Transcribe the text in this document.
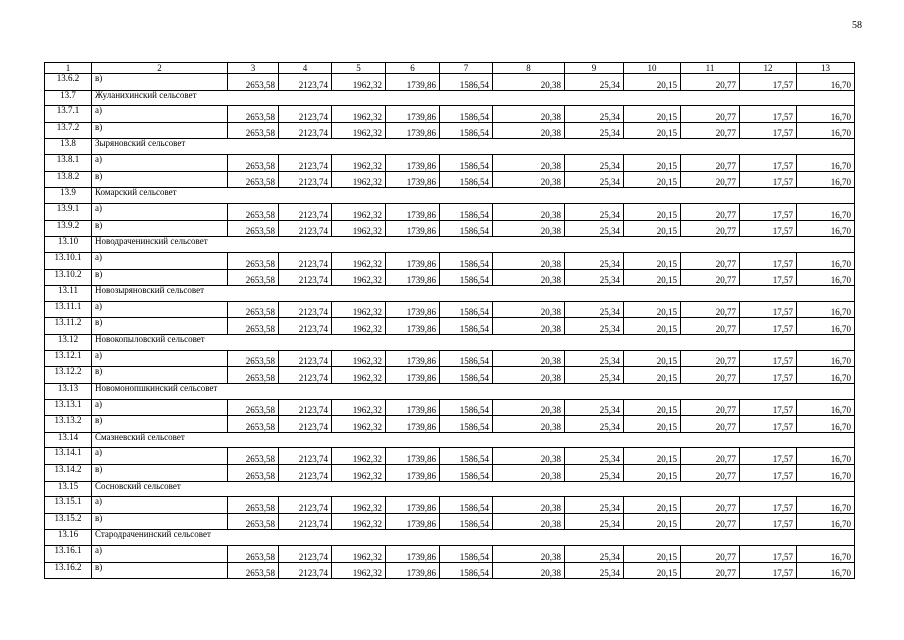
58
1	2	3	4	5	6	7	8	9	10	11	12	13
13.6.2	в)	2653,58	2123,74	1962,32	1739,86	1586,54	20,38	25,34	20,15	20,77	17,57	16,70
13.7	Жуланихинский сельсовет											
13.7.1	а)	2653,58	2123,74	1962,32	1739,86	1586,54	20,38	25,34	20,15	20,77	17,57	16,70
13.7.2	в)	2653,58	2123,74	1962,32	1739,86	1586,54	20,38	25,34	20,15	20,77	17,57	16,70
13.8	Зыряновский сельсовет											
13.8.1	а)	2653,58	2123,74	1962,32	1739,86	1586,54	20,38	25,34	20,15	20,77	17,57	16,70
13.8.2	в)	2653,58	2123,74	1962,32	1739,86	1586,54	20,38	25,34	20,15	20,77	17,57	16,70
13.9	Комарский сельсовет											
13.9.1	а)	2653,58	2123,74	1962,32	1739,86	1586,54	20,38	25,34	20,15	20,77	17,57	16,70
13.9.2	в)	2653,58	2123,74	1962,32	1739,86	1586,54	20,38	25,34	20,15	20,77	17,57	16,70
13.10	Новодраченинский сельсовет											
13.10.1	а)	2653,58	2123,74	1962,32	1739,86	1586,54	20,38	25,34	20,15	20,77	17,57	16,70
13.10.2	в)	2653,58	2123,74	1962,32	1739,86	1586,54	20,38	25,34	20,15	20,77	17,57	16,70
13.11	Новозыряновский сельсовет											
13.11.1	а)	2653,58	2123,74	1962,32	1739,86	1586,54	20,38	25,34	20,15	20,77	17,57	16,70
13.11.2	в)	2653,58	2123,74	1962,32	1739,86	1586,54	20,38	25,34	20,15	20,77	17,57	16,70
13.12	Новокопыловский сельсовет											
13.12.1	а)	2653,58	2123,74	1962,32	1739,86	1586,54	20,38	25,34	20,15	20,77	17,57	16,70
13.12.2	в)	2653,58	2123,74	1962,32	1739,86	1586,54	20,38	25,34	20,15	20,77	17,57	16,70
13.13	Новомонопшкинский сельсовет											
13.13.1	а)	2653,58	2123,74	1962,32	1739,86	1586,54	20,38	25,34	20,15	20,77	17,57	16,70
13.13.2	в)	2653,58	2123,74	1962,32	1739,86	1586,54	20,38	25,34	20,15	20,77	17,57	16,70
13.14	Смазневский сельсовет											
13.14.1	а)	2653,58	2123,74	1962,32	1739,86	1586,54	20,38	25,34	20,15	20,77	17,57	16,70
13.14.2	в)	2653,58	2123,74	1962,32	1739,86	1586,54	20,38	25,34	20,15	20,77	17,57	16,70
13.15	Сосновский сельсовет											
13.15.1	а)	2653,58	2123,74	1962,32	1739,86	1586,54	20,38	25,34	20,15	20,77	17,57	16,70
13.15.2	в)	2653,58	2123,74	1962,32	1739,86	1586,54	20,38	25,34	20,15	20,77	17,57	16,70
13.16	Стародраченинский сельсовет											
13.16.1	а)	2653,58	2123,74	1962,32	1739,86	1586,54	20,38	25,34	20,15	20,77	17,57	16,70
13.16.2	в)	2653,58	2123,74	1962,32	1739,86	1586,54	20,38	25,34	20,15	20,77	17,57	16,70
